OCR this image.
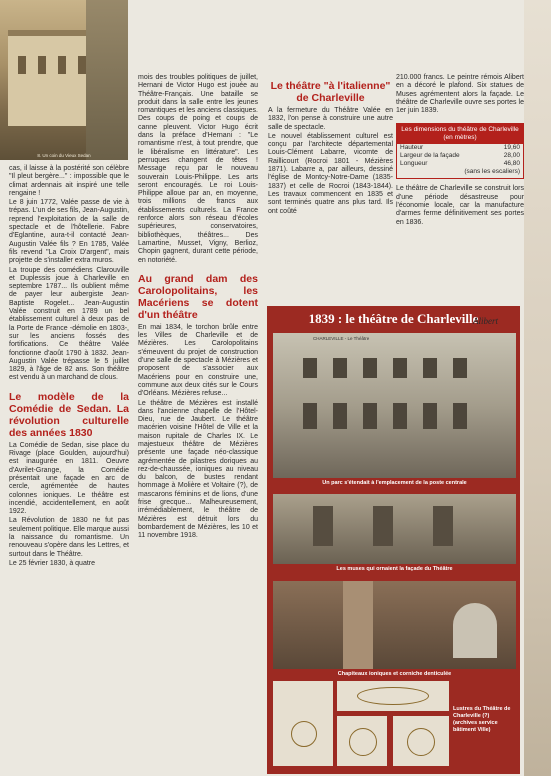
8. Un coin du Vieux Sedan

cas, il laisse à la postérité son célèbre "Il pleut bergère..." : impossible que le climat ardennais ait inspiré une telle rengaine !

Le 8 juin 1772, Valée passe de vie à trépas. L'un de ses fils, Jean-Augustin, reprend l'exploitation de la salle de spectacle et de l'hôtellerie. Fabre d'Eglantine, aura-t-il contacté Jean-Augustin Valée fils ? En 1785, Valée fils revend "La Croix D'argent", mais projette de s'installer extra muros.

La troupe des comédiens Clarouville et Duplessis joue à Charleville en septembre 1787... Ils oublient même de payer leur aubergiste Jean-Baptiste Rogelet... Jean-Augustin Valée construit en 1789 un bel établissement culturel à deux pas de la Porte de France -démolie en 1803-, sur les anciens fossés des fortifications. Ce théâtre Valée fonctionne d'août 1790 à 1832. Jean-Augustin Valée trépasse le 5 juillet 1829, à l'âge de 82 ans. Son théâtre est vendu à un marchand de clous.

Le modèle de la Comédie de Sedan. La révolution culturelle des années 1830

La Comédie de Sedan, sise place du Rivage (place Goulden, aujourd'hui) est inaugurée en 1811. Oeuvre d'Avrilet-Grange, la Comédie présentait une façade en arc de cercle, agrémentée de hautes colonnes ioniques. Le théâtre est incendié, accidentellement, en août 1922.

La Révolution de 1830 ne fut pas seulement politique. Elle marque aussi la naissance du romantisme. Un renouveau s'opère dans les Lettres, et surtout dans le Théâtre.

Le 25 février 1830, à quatre

mois des troubles politiques de juillet, Hernani de Victor Hugo est jouée au Théâtre-Français. Une bataille se produit dans la salle entre les jeunes romantiques et les anciens classiques. Des coups de poing et coups de canne pleuvent. Victor Hugo écrit dans la préface d'Hernani : "Le romantisme n'est, à tout prendre, que le libéralisme en littérature". Les perruques changent de têtes ! Message reçu par le nouveau souverain Louis-Philippe. Les arts seront encouragés. Le roi Louis-Philippe alloue par an, en moyenne, trois millions de francs aux établissements culturels. La France renforce alors son réseau d'écoles supérieures, conservatoires, bibliothèques, théâtres... Des Lamartine, Musset, Vigny, Berlioz, Chopin gagnent, durant cette période, en notoriété.

Au grand dam des Carolopolitains, les Macériens se dotent d'un théâtre

En mai 1834, le torchon brûle entre les Villes de Charleville et de Mézières. Les Carolopolitains s'émeuvent du projet de construction d'une salle de spectacle à Mézières et proposent de s'associer aux Macériens pour en construire une, commune aux deux cités sur le Cours d'Orléans. Mézières refuse...

Le théâtre de Mézières est installé dans l'ancienne chapelle de l'Hôtel-Dieu, rue de Jaubert. Le théâtre macérien voisine l'Hôtel de Ville et la maison rupitale de Charles IX. Le majestueux théâtre de Mézières présente une façade néo-classique agrémentée de pilastres doriques au rez-de-chaussée, ioniques au niveau du balcon, de bustes rendant hommage à Molière et Voltaire (?), de mascarons féminins et de lions, d'une frise grecque... Malheureusement, irrémédiablement, le théâtre de Mézières est détruit lors du bombardement de Mézières, les 10 et 11 novembre 1918.

Le théâtre "à l'italienne" de Charleville

A la fermeture du Théâtre Valée en 1832, l'on pense à construire une autre salle de spectacle.

Le nouvel établissement culturel est conçu par l'architecte départemental Louis-Clément Labarre, vicomte de Raillicourt (Rocroi 1801 - Mézières 1871). Labarre a, par ailleurs, dessiné l'église de Montcy-Notre-Dame (1835-1837) et celle de Rocroi (1843-1844). Les travaux commencent en 1835 et sont terminés quatre ans plus tard. Ils ont coûté

210.000 francs. Le peintre rémois Alibert en a décoré le plafond. Six statues de Muses agrémentent alors la façade. Le théâtre de Charleville ouvre ses portes le 1er juin 1839.

Les dimensions du théâtre de Charleville (en mètres)
Hauteur	19,60
Largeur de la façade	28,00
Longueur	46,80
(sans les escaliers)

Le théâtre de Charleville se construit lors d'une période désastreuse pour l'économie locale, car la manufacture d'armes ferme définitivement ses portes en 1836.

1839 : le théâtre de Charleville
CHARLEVILLE - Le Théâtre
Alibert
Un parc s'étendait à l'emplacement de la poste centrale
Les muses qui ornaient la façade du Théâtre
Chapiteaux ioniques et corniche denticulée
Lustres du Théâtre de Charleville (?) (archives service bâtiment Ville)
